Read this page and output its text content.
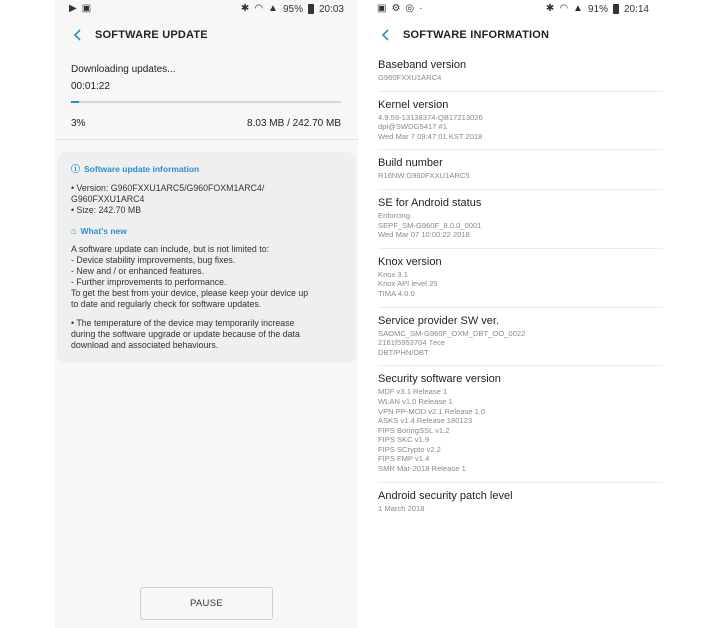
▶ ▣	✱ ◠ ▲ 95% 20:03
SOFTWARE UPDATE
Downloading updates...
00:01:22
3%	8.03 MB / 242.70 MB
ⓘ Software update information
• Version: G960FXXU1ARC5/G960FOXM1ARC4/
G960FXXU1ARC4
• Size: 242.70 MB
⌂ What's new
A software update can include, but is not limited to:
- Device stability improvements, bug fixes.
- New and / or enhanced features.
- Further improvements to performance.
To get the best from your device, please keep your device up
to date and regularly check for software updates.
• The temperature of the device may temporarily increase
during the software upgrade or update because of the data
download and associated behaviours.
PAUSE
▣ ⚙ ◎ ·	✱ ◠ ▲ 91% 20:14
SOFTWARE INFORMATION
Baseband version
G960FXXU1ARC4
Kernel version
4.9.59-13138374-QB17213026
dpi@SWDG5417 #1
Wed Mar 7 09:47:01 KST 2018
Build number
R16NW.G960FXXU1ARC5
SE for Android status
Enforcing
SEPF_SM-G960F_8.0.0_0001
Wed Mar 07 10:00:22 2018
Knox version
Knox 3.1
Knox API level 25
TIMA 4.0.0
Service provider SW ver.
SAOMC_SM-G960F_OXM_DBT_OO_0022
2161f5953704 7ece
DBT/PHN/DBT
Security software version
MDF v3.1 Release 1
WLAN v1.0 Release 1
VPN PP-MOD v2.1 Release 1.0
ASKS v1.4 Release 180123
FIPS BoringSSL v1.2
FIPS SKC v1.9
FIPS SCrypto v2.2
FIPS FMP v1.4
SMR Mar-2018 Release 1
Android security patch level
1 March 2018
